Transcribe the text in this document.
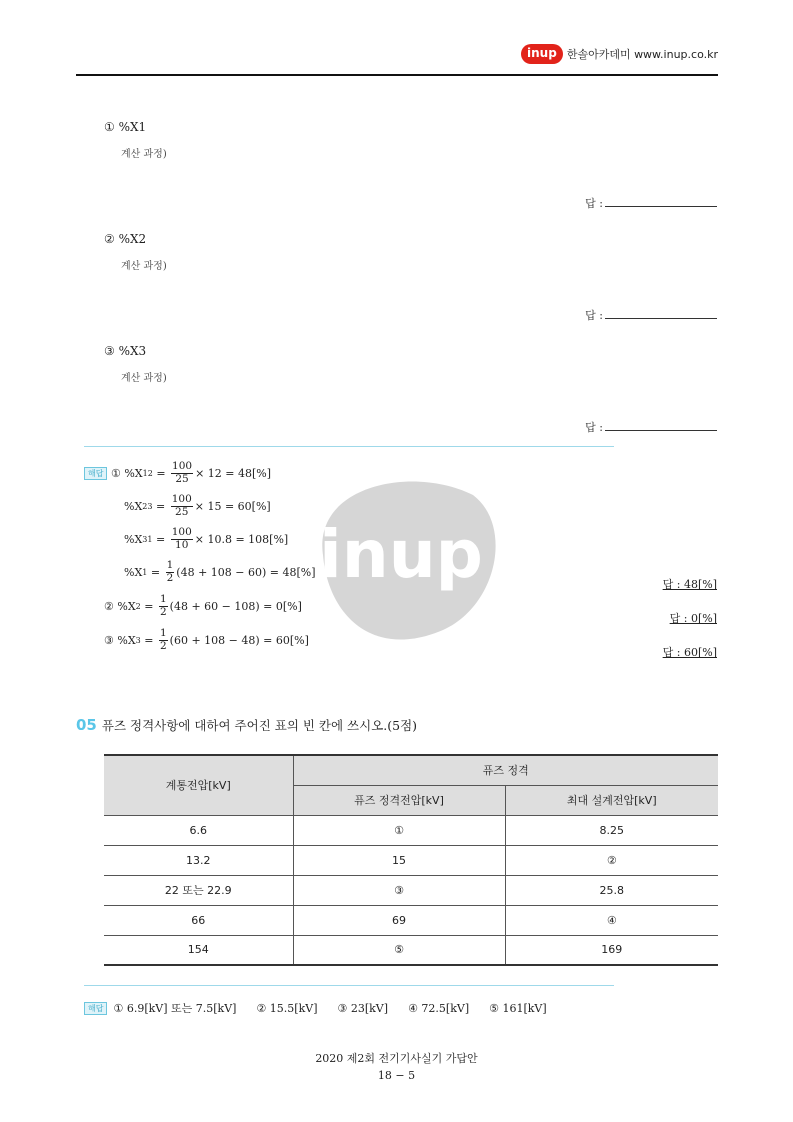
inup 한솔아카데미 www.inup.co.kr
① %X1
계산 과정)
답 :
② %X2
계산 과정)
답 :
③ %X3
계산 과정)
답 :
inup
해답
①
%X $12 = \frac{100}{25} \times 12 = 48[\%]$
%X $23 = \frac{100}{25} \times 15 = 60[\%]$
%X $31 = \frac{100}{10} \times 10.8 = 108[\%]$
%X $1 = \frac{1}{2} (48 + 108 - 60) = 48[\%]$
답 : 48[%]
②
%X $2 = \frac{1}{2} (48 + 60 - 108) = 0[\%]$
답 : 0[%]
③
%X $3 = \frac{1}{2} (60 + 108 - 48) = 60[\%]$
답 : 60[%]
05 퓨즈 정격사항에 대하여 주어진 표의 빈 칸에 쓰시오.(5점)
계통전압[kV]	퓨즈 정격	
	퓨즈 정격전압[kV]	최대 설계전압[kV]
6.6	①	8.25
13.2	15	②
22 또는 22.9	③	25.8
66	69	④
154	⑤	169
해답 ① 6.9[kV] 또는 7.5[kV] ② 15.5[kV] ③ 23[kV] ④ 72.5[kV] ⑤ 161[kV]
2020 제2회 전기기사실기 가답안
18 − 5
